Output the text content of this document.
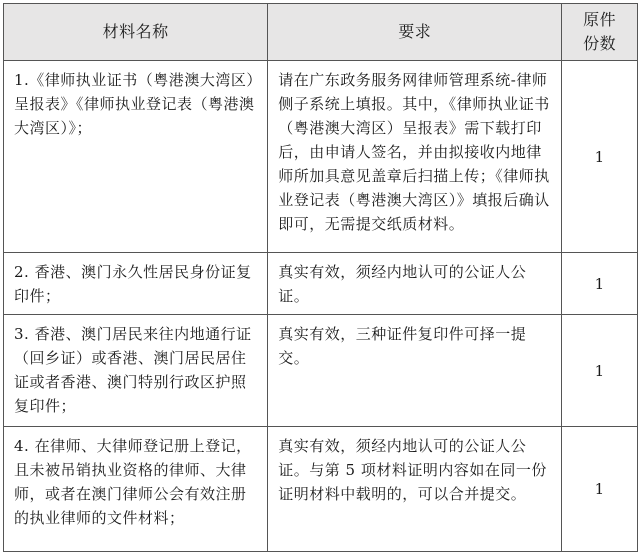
材料名称	要求	原件
份数

1.《律师执业证书（粤港澳大湾区）呈报表》《律师执业登记表（粤港澳大湾区）》；	请在广东政务服务网律师管理系统-律师侧子系统上填报。其中，《律师执业证书（粤港澳大湾区）呈报表》需下载打印后，由申请人签名，并由拟接收内地律师所加具意见盖章后扫描上传；《律师执业登记表（粤港澳大湾区）》填报后确认即可，无需提交纸质材料。	1
2. 香港、澳门永久性居民身份证复印件；	真实有效，须经内地认可的公证人公证。	1
3. 香港、澳门居民来往内地通行证（回乡证）或香港、澳门居民居住证或者香港、澳门特别行政区护照复印件；	真实有效，三种证件复印件可择一提交。	1
4. 在律师、大律师登记册上登记，且未被吊销执业资格的律师、大律师，或者在澳门律师公会有效注册的执业律师的文件材料；	真实有效，须经内地认可的公证人公证。与第 5 项材料证明内容如在同一份证明材料中载明的，可以合并提交。	1
